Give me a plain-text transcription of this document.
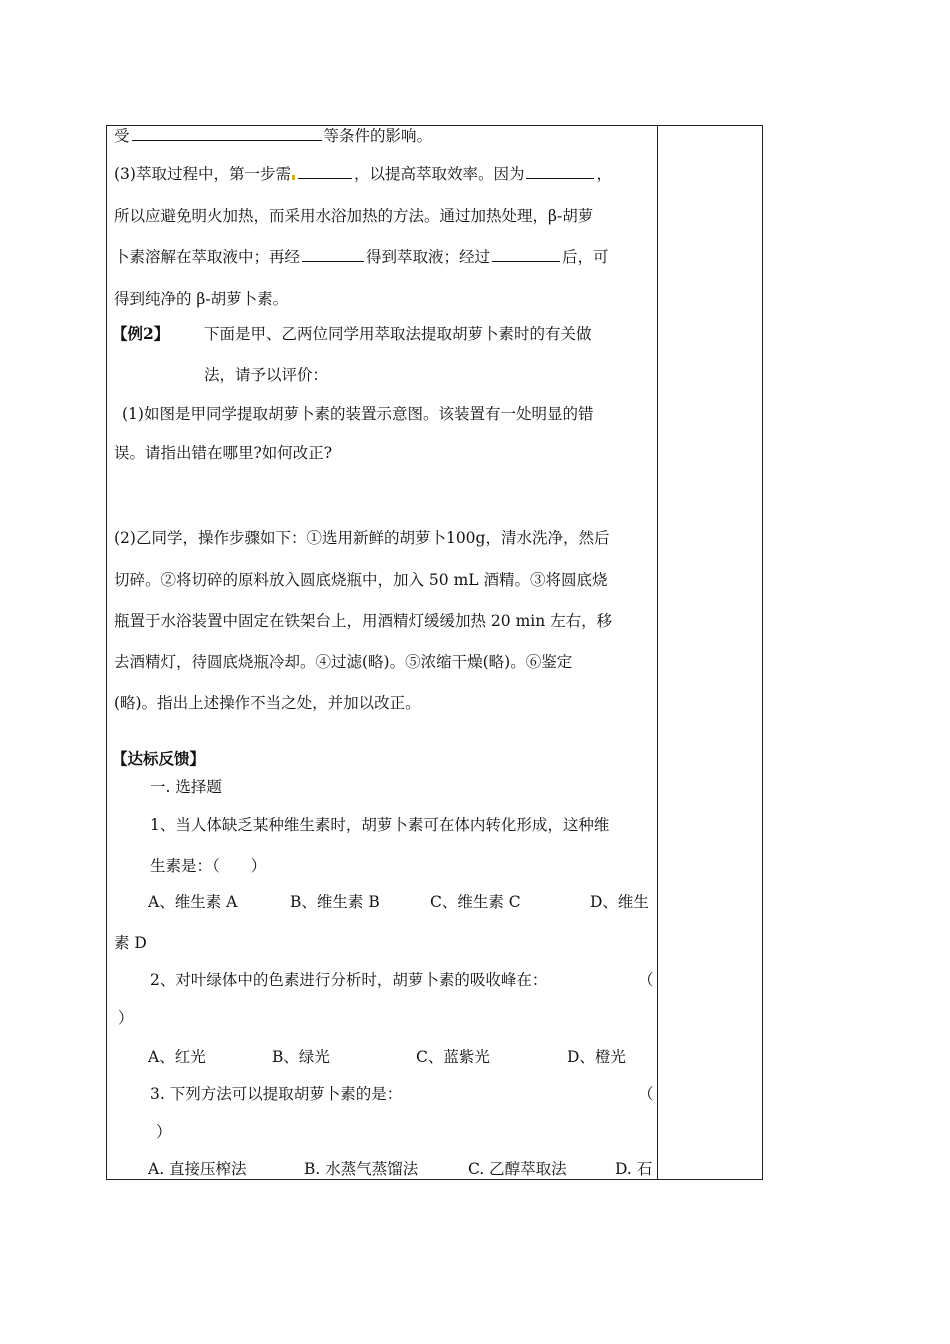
受	等条件的影响。
(3)萃取过程中，第一步需	，以提高萃取效率。因为	，
所以应避免明火加热，而采用水浴加热的方法。通过加热处理，β-胡萝
卜素溶解在萃取液中；再经	得到萃取液；经过	后，可
得到纯净的 β-胡萝卜素。
【例2】 下面是甲、乙两位同学用萃取法提取胡萝卜素时的有关做
法，请予以评价：
(1)如图是甲同学提取胡萝卜素的装置示意图。该装置有一处明显的错
误。请指出错在哪里?如何改正?
(2)乙同学，操作步骤如下：①选用新鲜的胡萝卜100g，清水洗净，然后
切碎。②将切碎的原料放入圆底烧瓶中，加入 50 mL 酒精。③将圆底烧
瓶置于水浴装置中固定在铁架台上，用酒精灯缓缓加热 20 min 左右，移
去酒精灯，待圆底烧瓶冷却。④过滤(略)。⑤浓缩干燥(略)。⑥鉴定
(略)。指出上述操作不当之处，并加以改正。
【达标反馈】
一. 选择题
1、当人体缺乏某种维生素时，胡萝卜素可在体内转化形成，这种维
生素是：（　　）
A、维生素 A	B、维生素 B	C、维生素 C	D、维生
素 D
2、对叶绿体中的色素进行分析时，胡萝卜素的吸收峰在：	（
）
A、红光	B、绿光	C、蓝紫光	D、橙光
3. 下列方法可以提取胡萝卜素的是：	（
）
A. 直接压榨法	B. 水蒸气蒸馏法	C. 乙醇萃取法	D. 石
